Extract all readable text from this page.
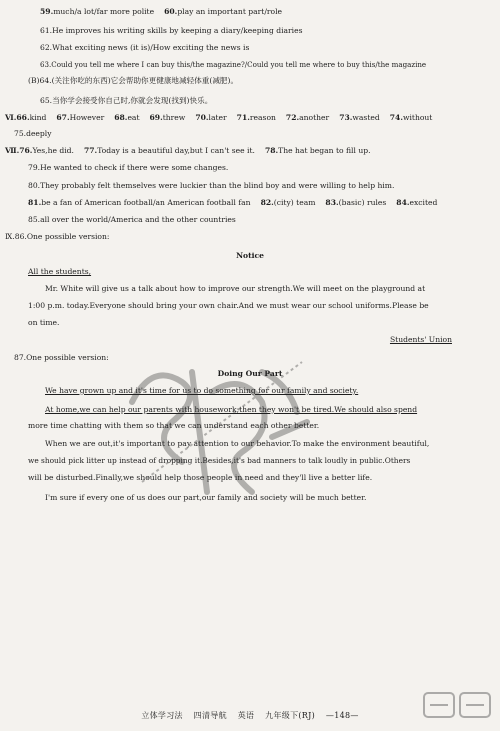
59.much/a lot/far more polite 60.play an important part/role
61.He improves his writing skills by keeping a diary/keeping diaries
62.What exciting news (it is)/How exciting the news is
63.Could you tell me where I can buy this/the magazine?/Could you tell me where to buy this/the magazine
(B)64.(关注你吃的东西)它会帮助你更健康地减轻体重(减肥)。
65.当你学会接受你自己时,你就会发现(找到)快乐。
Ⅵ.66.kind 67.However 68.eat 69.threw 70.later 71.reason 72.another 73.wasted 74.without
75.deeply
Ⅶ.76.Yes,he did. 77.Today is a beautiful day,but I can't see it. 78.The hat began to fill up.
79.He wanted to check if there were some changes.
80.They probably felt themselves were luckier than the blind boy and were willing to help him.
81.be a fan of American football/an American football fan 82.(city) team 83.(basic) rules 84.excited
85.all over the world/America and the other countries
Ⅸ.86.One possible version:
Notice
All the students,
Mr. White will give us a talk about how to improve our strength.We will meet on the playground at
1:00 p.m. today.Everyone should bring your own chair.And we must wear our school uniforms.Please be
on time.
Students' Union
87.One possible version:
Doing Our Part
We have grown up and it's time for us to do something for our family and society.
At home,we can help our parents with housework;then they won't be tired.We should also spend
more time chatting with them so that we can understand each other better.
When we are out,it's important to pay attention to our behavior.To make the environment beautiful,
we should pick litter up instead of dropping it.Besides,it's bad manners to talk loudly in public.Others
will be disturbed.Finally,we should help those people in need and they'll live a better life.
I'm sure if every one of us does our part,our family and society will be much better.
立体学习法 四清导航 英语 九年级下(RJ) —148—
